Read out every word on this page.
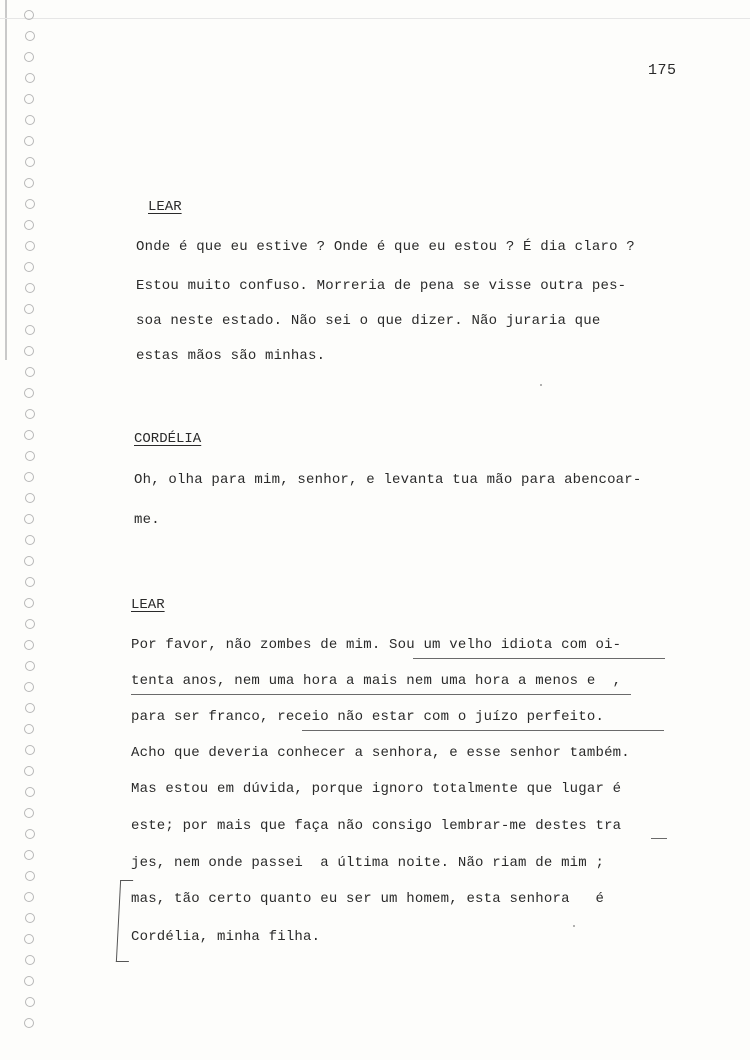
175
LEAR
Onde é que eu estive ? Onde é que eu estou ? É dia claro ?
Estou muito confuso. Morreria de pena se visse outra pes-
soa neste estado. Não sei o que dizer. Não juraria que
estas mãos são minhas.
CORDÉLIA
Oh, olha para mim, senhor, e levanta tua mão para abencoar-
me.
LEAR
Por favor, não zombes de mim. Sou um velho idiota com oi-
tenta anos, nem uma hora a mais nem uma hora a menos e  ,
para ser franco, receio não estar com o juízo perfeito.
Acho que deveria conhecer a senhora, e esse senhor também.
Mas estou em dúvida, porque ignoro totalmente que lugar é
este; por mais que faça não consigo lembrar-me destes tra
jes, nem onde passei  a última noite. Não riam de mim ;
mas, tão certo quanto eu ser um homem, esta senhora   é
Cordélia, minha filha.
